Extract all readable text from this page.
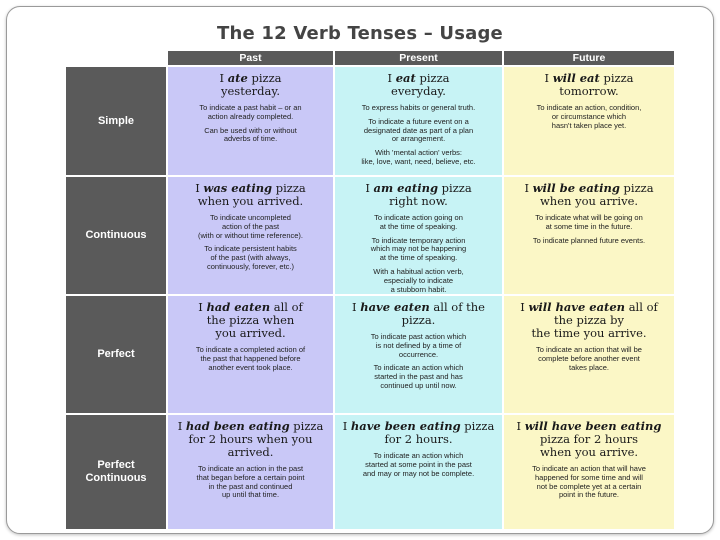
The 12 Verb Tenses – Usage
Past	Present	Future
Simple
I ate pizza
yesterday.
To indicate a past habit – or an
action already completed.
Can be used with or without
adverbs of time.
I eat pizza
everyday.
To express habits or general truth.
To indicate a future event on a
designated date as part of a plan
or arrangement.
With 'mental action' verbs:
like, love, want, need, believe, etc.
I will eat pizza
tomorrow.
To indicate an action, condition,
or circumstance which
hasn't taken place yet.
Continuous
I was eating pizza
when you arrived.
To indicate uncompleted
action of the past
(with or without time reference).
To indicate persistent habits
of the past (with always,
continuously, forever, etc.)
I am eating pizza
right now.
To indicate action going on
at the time of speaking.
To indicate temporary action
which may not be happening
at the time of speaking.
With a habitual action verb,
especially to indicate
a stubborn habit.
I will be eating pizza
when you arrive.
To indicate what will be going on
at some time in the future.
To indicate planned future events.
Perfect
I had eaten all of
the pizza when
you arrived.
To indicate a completed action of
the past that happened before
another event took place.
I have eaten all of the
pizza.
To indicate past action which
is not defined by a time of
occurrence.
To indicate an action which
started in the past and has
continued up until now.
I will have eaten all of
the pizza by
the time you arrive.
To indicate an action that will be
complete before another event
takes place.
Perfect
Continuous
I had been eating pizza
for 2 hours when you
arrived.
To indicate an action in the past
that began before a certain point
in the past and continued
up until that time.
I have been eating pizza
for 2 hours.
To indicate an action which
started at some point in the past
and may or may not be complete.
I will have been eating
pizza for 2 hours
when you arrive.
To indicate an action that will have
happened for some time and will
not be complete yet at a certain
point in the future.
